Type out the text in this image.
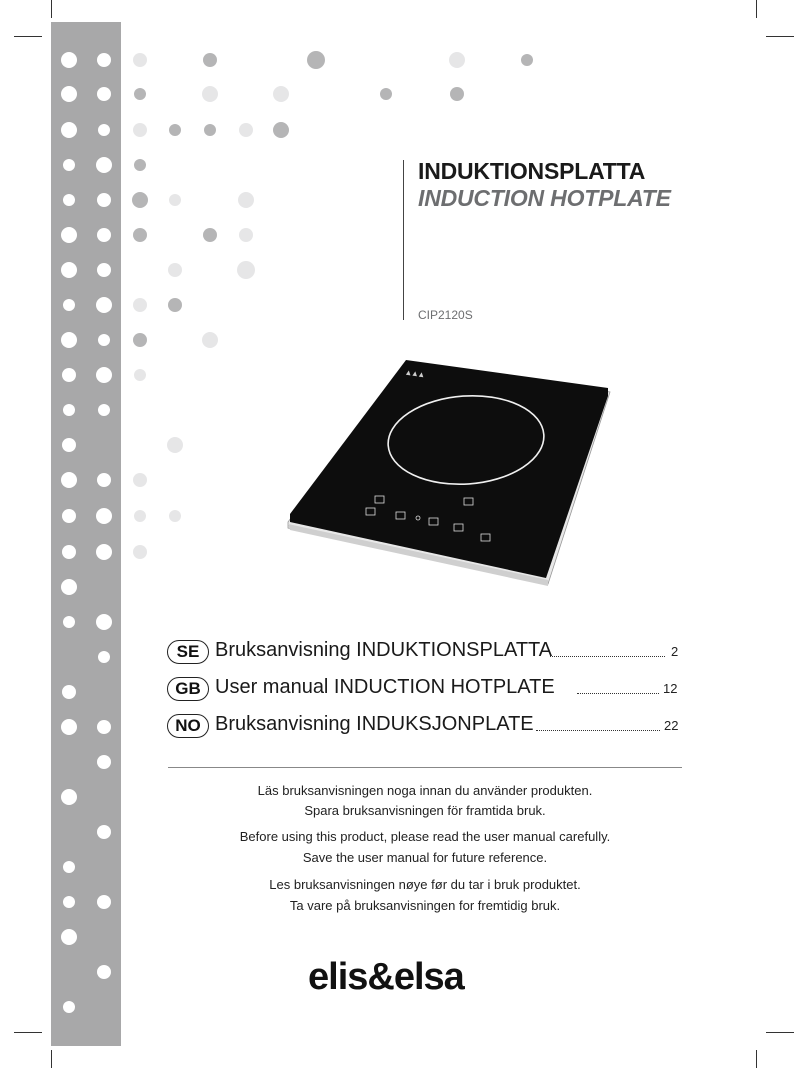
INDUKTIONSPLATTA
INDUCTION HOTPLATE
CIP2120S
▲ ▲ ▲
SE Bruksanvisning INDUKTIONSPLATTA	2
GB User manual INDUCTION HOTPLATE	12
NO Bruksanvisning INDUKSJONPLATE	22
Läs bruksanvisningen noga innan du använder produkten.
Spara bruksanvisningen för framtida bruk.
Before using this product, please read the user manual carefully.
Save the user manual for future reference.
Les bruksanvisningen nøye før du tar i bruk produktet.
Ta vare på bruksanvisningen for fremtidig bruk.
elis&elsa
